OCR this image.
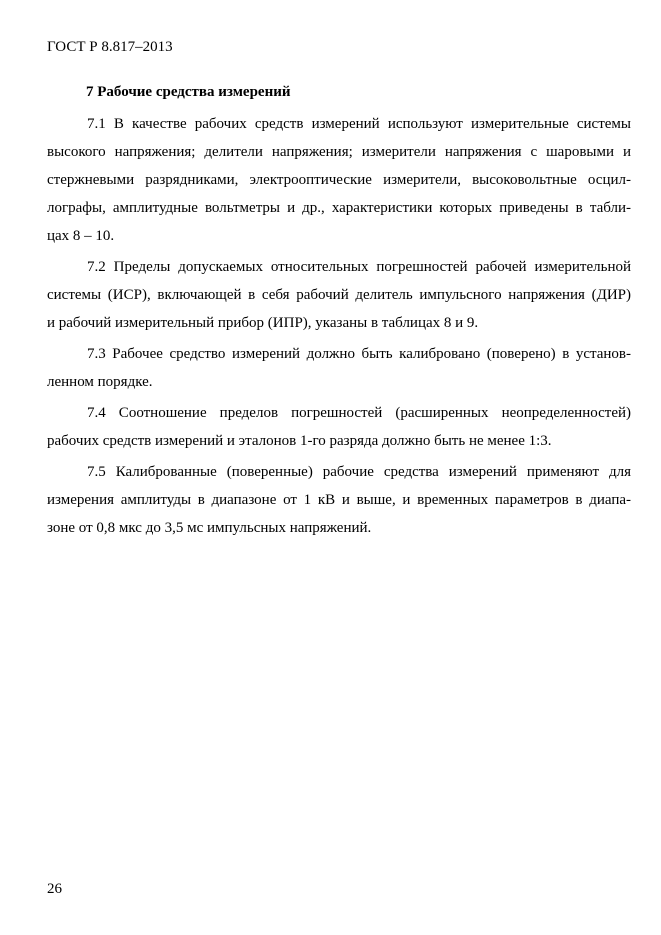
ГОСТ Р 8.817–2013
7 Рабочие средства измерений

7.1 В качестве рабочих средств измерений используют измерительные системы
высокого напряжения; делители напряжения; измерители напряжения с шаровыми и
стержневыми разрядниками, электрооптические измерители, высоковольтные осцил-
лографы, амплитудные вольтметры и др., характеристики которых приведены в табли-
цах 8 – 10.

7.2 Пределы допускаемых относительных погрешностей рабочей измерительной
системы (ИСР), включающей в себя рабочий делитель импульсного напряжения (ДИР)
и рабочий измерительный прибор (ИПР), указаны в таблицах 8 и 9.

7.3 Рабочее средство измерений должно быть калибровано (поверено) в установ-
ленном порядке.

7.4 Соотношение пределов погрешностей (расширенных неопределенностей)
рабочих средств измерений и эталонов 1-го разряда должно быть не менее 1:3.

7.5 Калиброванные (поверенные) рабочие средства измерений применяют для
измерения амплитуды в диапазоне от 1 кВ и выше, и временных параметров в диапа-
зоне от 0,8 мкс до 3,5 мс импульсных напряжений.

26
